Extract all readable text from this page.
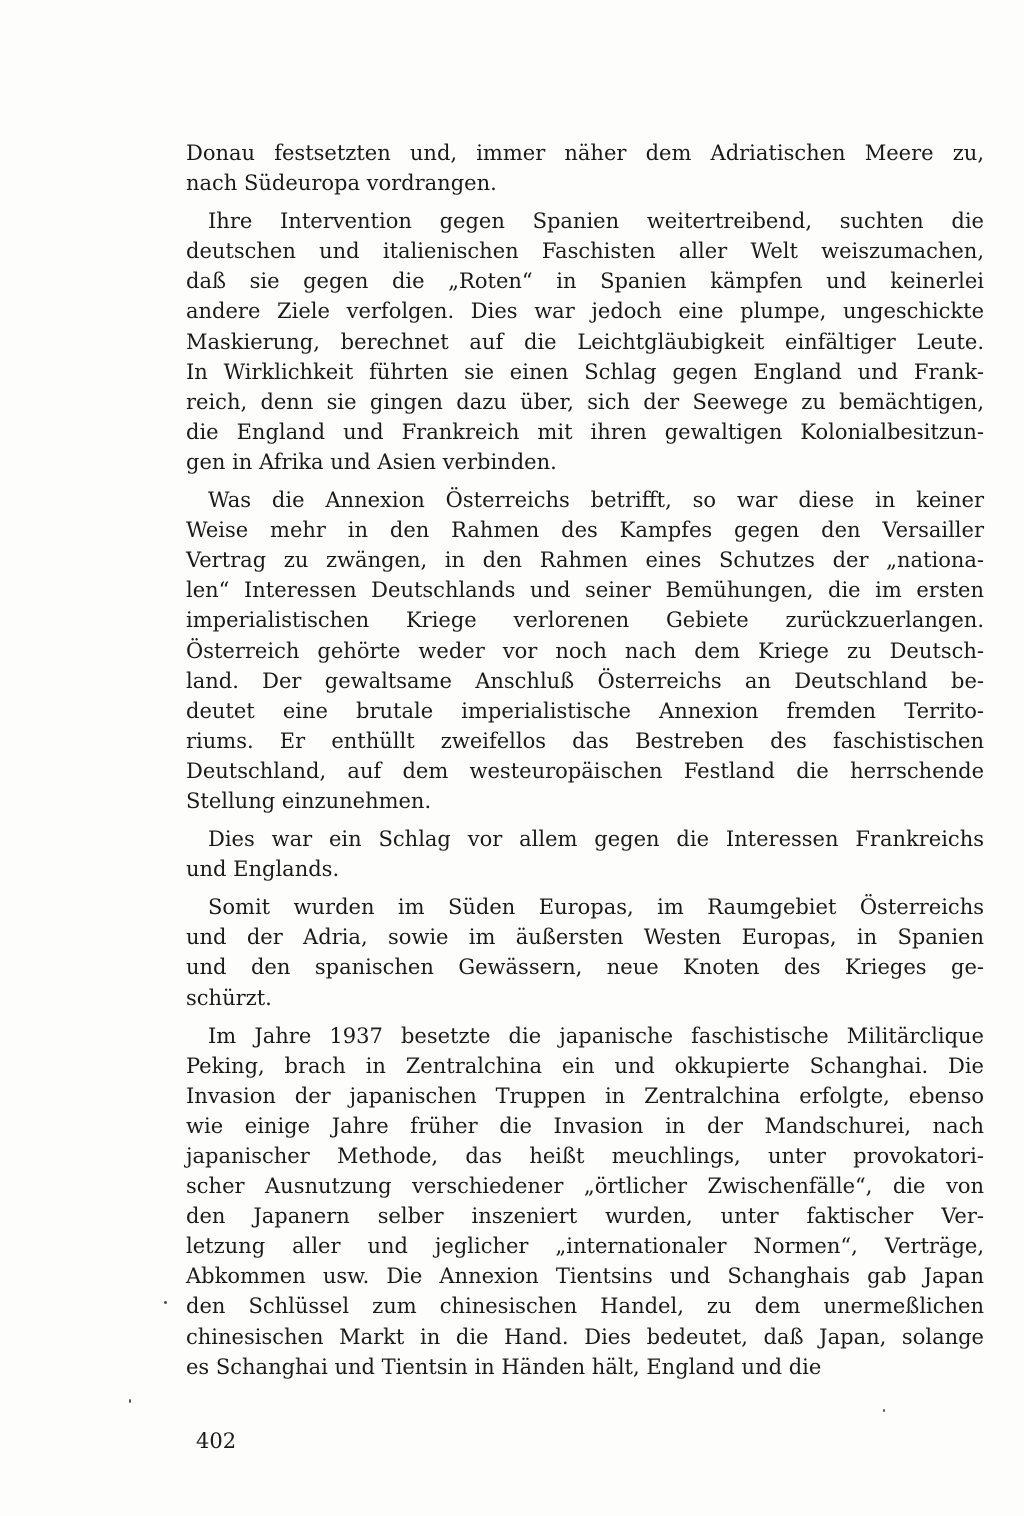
Donau festsetzten und, immer näher dem Adriatischen Meere zu,
nach Südeuropa vordrangen.
Ihre Intervention gegen Spanien weitertreibend, suchten die
deutschen und italienischen Faschisten aller Welt weiszumachen,
daß sie gegen die „Roten“ in Spanien kämpfen und keinerlei
andere Ziele verfolgen. Dies war jedoch eine plumpe, ungeschickte
Maskierung, berechnet auf die Leichtgläubigkeit einfältiger Leute.
In Wirklichkeit führten sie einen Schlag gegen England und Frank-
reich, denn sie gingen dazu über, sich der Seewege zu bemächtigen,
die England und Frankreich mit ihren gewaltigen Kolonialbesitzun-
gen in Afrika und Asien verbinden.
Was die Annexion Österreichs betrifft, so war diese in keiner
Weise mehr in den Rahmen des Kampfes gegen den Versailler
Vertrag zu zwängen, in den Rahmen eines Schutzes der „nationa-
len“ Interessen Deutschlands und seiner Bemühungen, die im ersten
imperialistischen Kriege verlorenen Gebiete zurückzuerlangen.
Österreich gehörte weder vor noch nach dem Kriege zu Deutsch-
land. Der gewaltsame Anschluß Österreichs an Deutschland be-
deutet eine brutale imperialistische Annexion fremden Territo-
riums. Er enthüllt zweifellos das Bestreben des faschistischen
Deutschland, auf dem westeuropäischen Festland die herrschende
Stellung einzunehmen.
Dies war ein Schlag vor allem gegen die Interessen Frankreichs
und Englands.
Somit wurden im Süden Europas, im Raumgebiet Österreichs
und der Adria, sowie im äußersten Westen Europas, in Spanien
und den spanischen Gewässern, neue Knoten des Krieges ge-
schürzt.
Im Jahre 1937 besetzte die japanische faschistische Militärclique
Peking, brach in Zentralchina ein und okkupierte Schanghai. Die
Invasion der japanischen Truppen in Zentralchina erfolgte, ebenso
wie einige Jahre früher die Invasion in der Mandschurei, nach
japanischer Methode, das heißt meuchlings, unter provokatori-
scher Ausnutzung verschiedener „örtlicher Zwischenfälle“, die von
den Japanern selber inszeniert wurden, unter faktischer Ver-
letzung aller und jeglicher „internationaler Normen“, Verträge,
Abkommen usw. Die Annexion Tientsins und Schanghais gab Japan
den Schlüssel zum chinesischen Handel, zu dem unermeßlichen
chinesischen Markt in die Hand. Dies bedeutet, daß Japan, solange
es Schanghai und Tientsin in Händen hält, England und die
402
